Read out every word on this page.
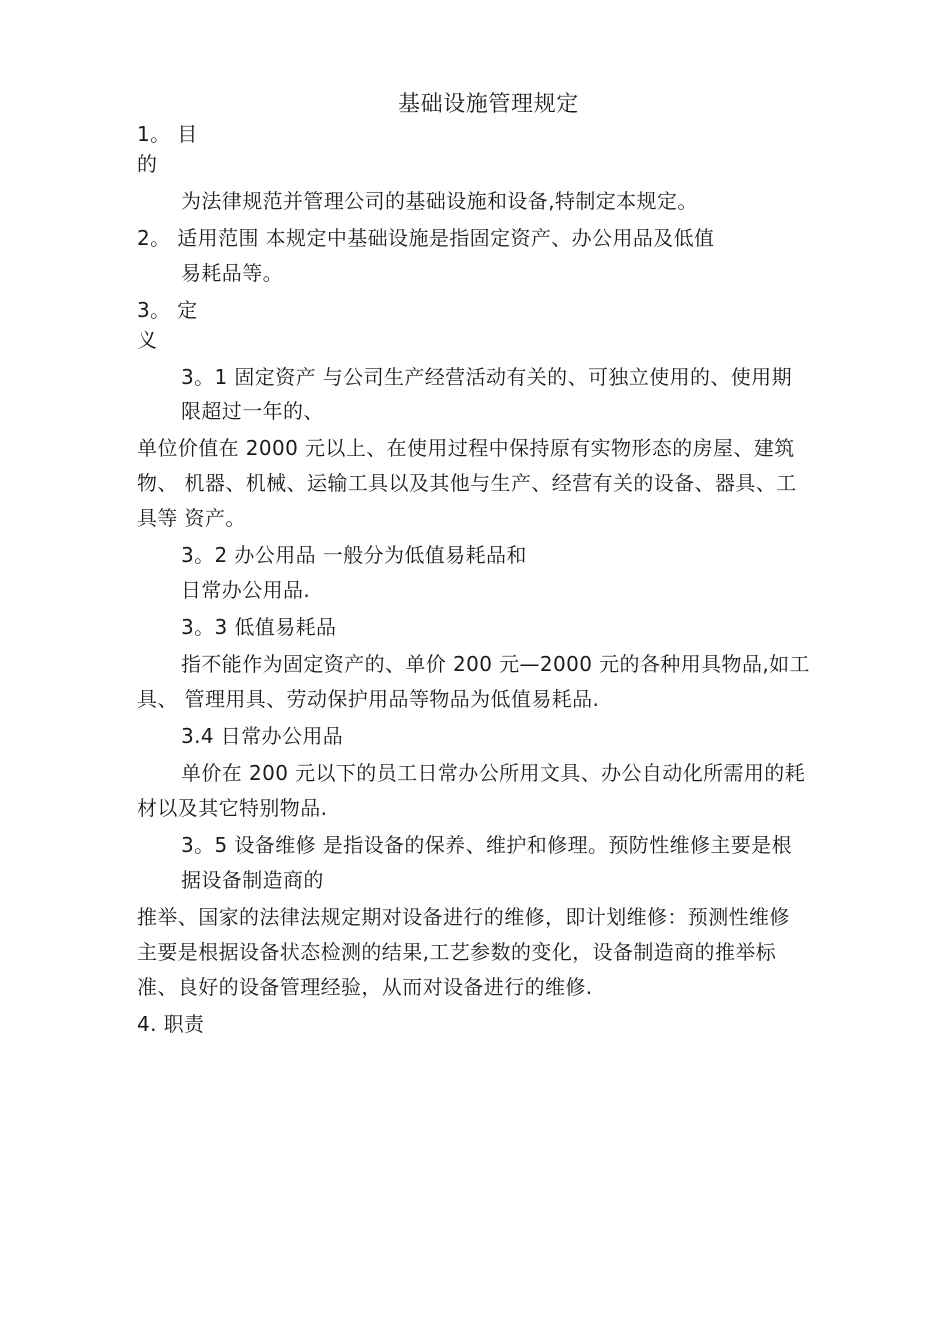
基础设施管理规定
1。 目
的
为法律规范并管理公司的基础设施和设备,特制定本规定。
2。 适用范围 本规定中基础设施是指固定资产、办公用品及低值
易耗品等。
3。 定
义
3。1 固定资产 与公司生产经营活动有关的、可独立使用的、使用期
限超过一年的、
单位价值在 2000 元以上、在使用过程中保持原有实物形态的房屋、建筑
物、 机器、机械、运输工具以及其他与生产、经营有关的设备、器具、工
具等 资产。
3。2 办公用品 一般分为低值易耗品和
日常办公用品.
3。3 低值易耗品
指不能作为固定资产的、单价 200 元—2000 元的各种用具物品,如工
具、 管理用具、劳动保护用品等物品为低值易耗品.
3.4 日常办公用品
单价在 200 元以下的员工日常办公所用文具、办公自动化所需用的耗
材以及其它特别物品.
3。5 设备维修 是指设备的保养、维护和修理。预防性维修主要是根
据设备制造商的
推举、国家的法律法规定期对设备进行的维修，即计划维修：预测性维修
主要是根据设备状态检测的结果,工艺参数的变化，设备制造商的推举标
准、良好的设备管理经验，从而对设备进行的维修.
4. 职责
